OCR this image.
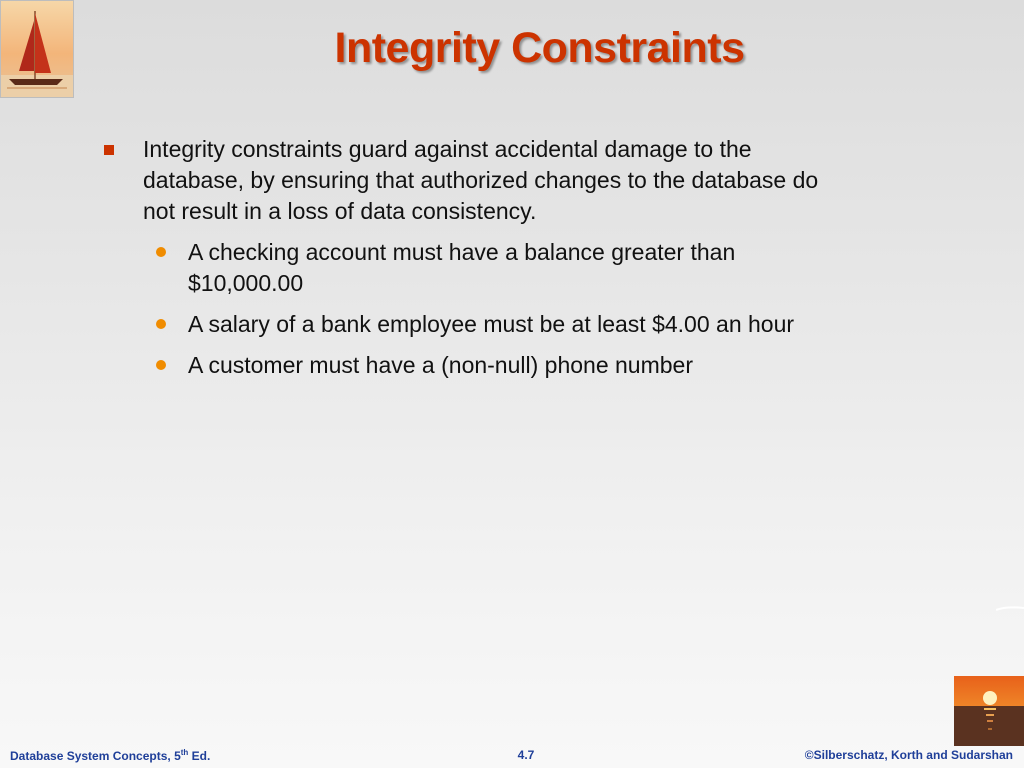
Integrity Constraints
Integrity constraints guard against accidental damage to the database, by ensuring that authorized changes to the database do not result in a loss of data consistency.
A checking account must have a balance greater than $10,000.00
A salary of a bank employee must be at least $4.00 an hour
A customer must have a (non-null) phone number
Database System Concepts, 5th Ed.	4.7	©Silberschatz, Korth and Sudarshan
